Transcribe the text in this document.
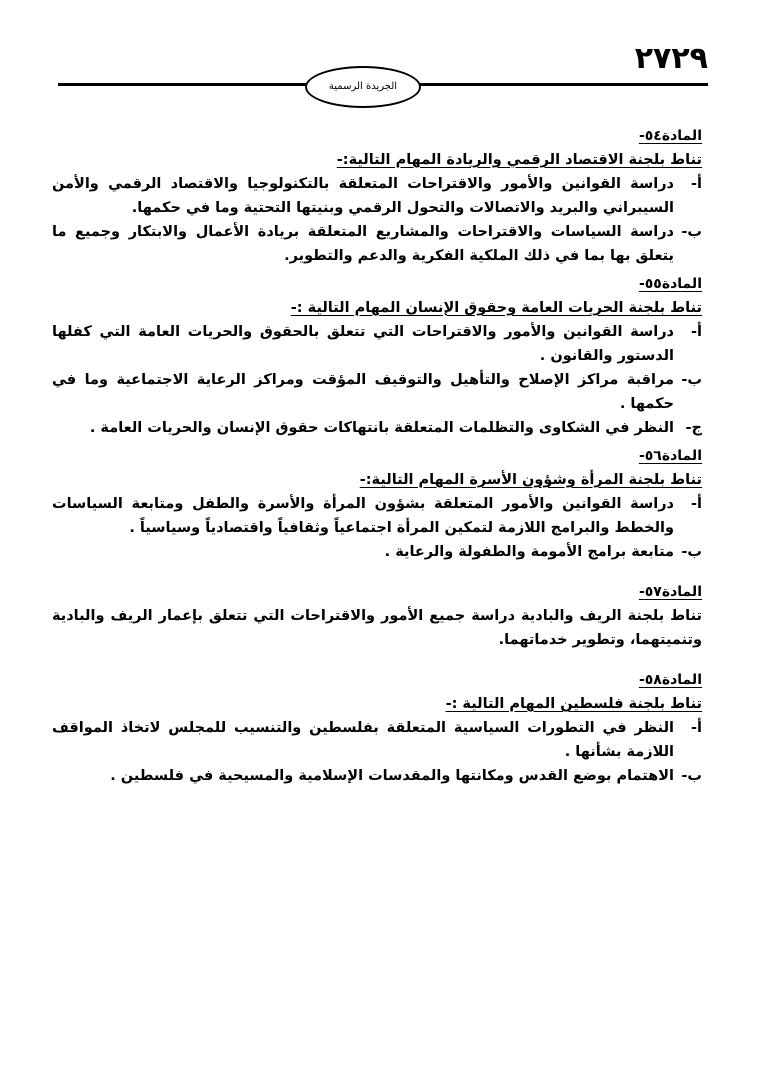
٢٧٢٩
الجريدة الرسمية
المادة٥٤-
تناط بلجنة الاقتصاد الرقمي والريادة المهام التالية:-
أ-
دراسة القوانين والأمور والاقتراحات المتعلقة بالتكنولوجيا والاقتصاد الرقمي والأمن السيبراني والبريد والاتصالات والتحول الرقمي وبنيتها التحتية وما في حكمها.
ب-
دراسة السياسات والاقتراحات والمشاريع المتعلقة بريادة الأعمال والابتكار وجميع ما يتعلق بها بما في ذلك الملكية الفكرية والدعم والتطوير.
المادة٥٥-
تناط بلجنة الحريات العامة وحقوق الإنسان المهام التالية :-
أ-
دراسة القوانين والأمور والاقتراحات التي تتعلق بالحقوق والحريات العامة التي كفلها الدستور والقانون .
ب-
مراقبة مراكز الإصلاح والتأهيل والتوقيف المؤقت ومراكز الرعاية الاجتماعية وما في حكمها .
ج-
النظر في الشكاوى والتظلمات المتعلقة بانتهاكات حقوق الإنسان والحريات العامة .
المادة٥٦-
تناط بلجنة المرأة وشؤون الأسرة المهام التالية:-
أ-
دراسة القوانين والأمور المتعلقة بشؤون المرأة والأسرة والطفل ومتابعة السياسات والخطط والبرامج اللازمة لتمكين المرأة اجتماعياً وثقافياً واقتصادياً وسياسياً .
ب-
متابعة برامج الأمومة والطفولة والرعاية .
المادة٥٧-
تناط بلجنة الريف والبادية دراسة جميع الأمور والاقتراحات التي تتعلق بإعمار الريف والبادية وتنميتهما، وتطوير خدماتهما.
المادة٥٨-
تناط بلجنة فلسطين المهام التالية :-
أ-
النظر في التطورات السياسية المتعلقة بفلسطين والتنسيب للمجلس لاتخاذ المواقف اللازمة بشأنها .
ب-
الاهتمام بوضع القدس ومكانتها والمقدسات الإسلامية والمسيحية في فلسطين .
